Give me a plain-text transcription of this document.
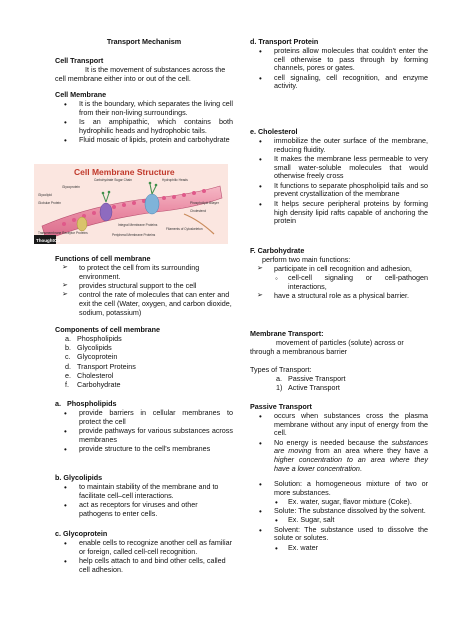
Transport Mechanism
Cell Transport

It is the movement of substances across the cell membrane either into or out of the cell.

Cell Membrane
• It is the boundary, which separates the living cell from their non-living surroundings.
• Is an amphipathic, which contains both hydrophilic heads and hydrophobic tails.
• Fluid mosaic of lipids, protein and carbohydrate
Cell Membrane Structure
Carbohydrate Sugar Chain	Hydrophilic Heads
Glycoprotein
Glycolipid
Globular Protein	Phospholipid Bilayer
Integral Membrane Proteins
Transmembrane Receptor Proteins	Peripheral Membrane Proteins
Filaments of Cytoskeleton
Cholesterol
ThoughtCo
Functions of cell membrane
➢ to protect the cell from its surrounding environment.
➢ provides structural support to the cell
➢ control the rate of molecules that can enter and exit the cell (Water, oxygen, and carbon dioxide, sodium, potassium)
Components of cell membrane
a. Phospholipids
b. Glycolipids
c. Glycoprotein
d. Transport Proteins
e. Cholesterol
f. Carbohydrate
a.   Phospholipids
• provide barriers in cellular membranes to protect the cell
• provide pathways for various substances across membranes
• provide structure to the cell's membranes
b. Glycolipids
• to maintain stability of the membrane and to facilitate cell–cell interactions.
• act as receptors for viruses and other pathogens to enter cells.
c. Glycoprotein
• enable cells to recognize another cell as familiar or foreign, called cell-cell recognition.
• help cells attach to and bind other cells, called cell adhesion.
d. Transport Protein
• proteins allow molecules that couldn't enter the cell otherwise to pass through by forming channels, pores or gates.
• cell signaling, cell recognition, and enzyme activity.
e. Cholesterol
• immobilize the outer surface of the membrane, reducing fluidity.
• It makes the membrane less permeable to very small water-soluble molecules that would otherwise freely cross
• It functions to separate phospholipid tails and so prevent crystallization of the membrane
• It helps secure peripheral proteins by forming high density lipid rafts capable of anchoring the protein
F. Carbohydrate

perform two main functions:

➢ participate in cell recognition and adhesion,
◦ cell-cell signaling or cell-pathogen interactions,
➢ have a structural role as a physical barrier.
Membrane Transport:

movement of particles (solute) across or through a membranous barrier

Types of Transport:
a. Passive Transport
1) Active Transport
Passive Transport
• occurs when substances cross the plasma membrane without any input of energy from the cell.
• No energy is needed because the substances are moving from an area where they have a higher concentration to an area where they have a lower concentration.
• Solution: a homogeneous mixture of two or more substances.
• Ex. water, sugar, flavor mixture (Coke).
• Solute: The substance dissolved by the solvent.
• Ex. Sugar, salt
• Solvent: The substance used to dissolve the solute or solutes.
• Ex. water
